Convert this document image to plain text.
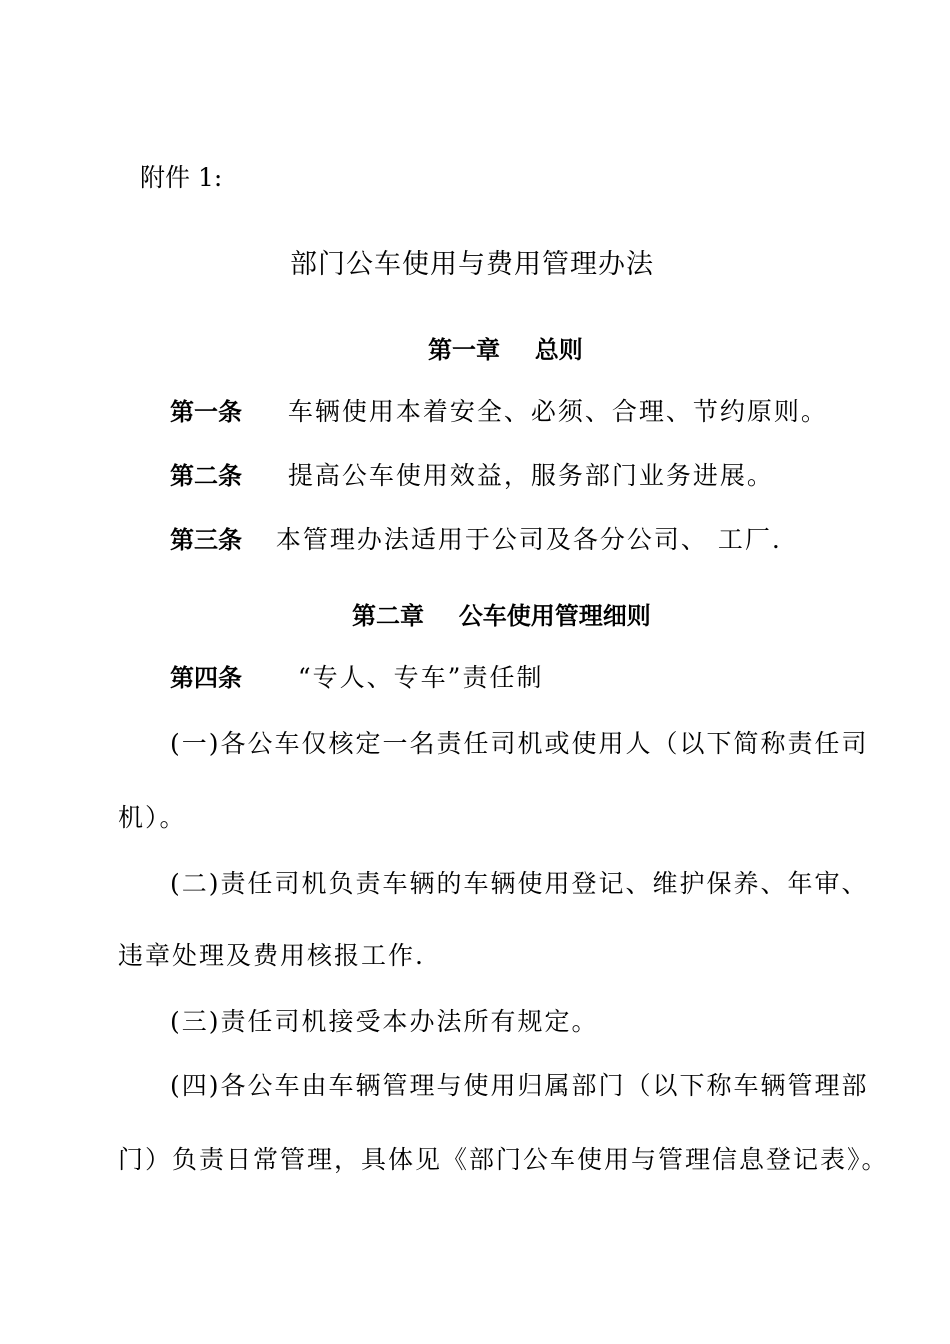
附件 1:
部门公车使用与费用管理办法
第一章 总则
第一条 车辆使用本着安全、必须、合理、节约原则。
第二条 提高公车使用效益，服务部门业务进展。
第三条 本管理办法适用于公司及各分公司、 工厂.
第二章 公车使用管理细则
第四条 “专人、专车”责任制
(一)各公车仅核定一名责任司机或使用人（以下简称责任司
机）。
(二)责任司机负责车辆的车辆使用登记、维护保养、年审、
违章处理及费用核报工作.
(三)责任司机接受本办法所有规定。
(四)各公车由车辆管理与使用归属部门（以下称车辆管理部
门）负责日常管理，具体见《部门公车使用与管理信息登记表》。
